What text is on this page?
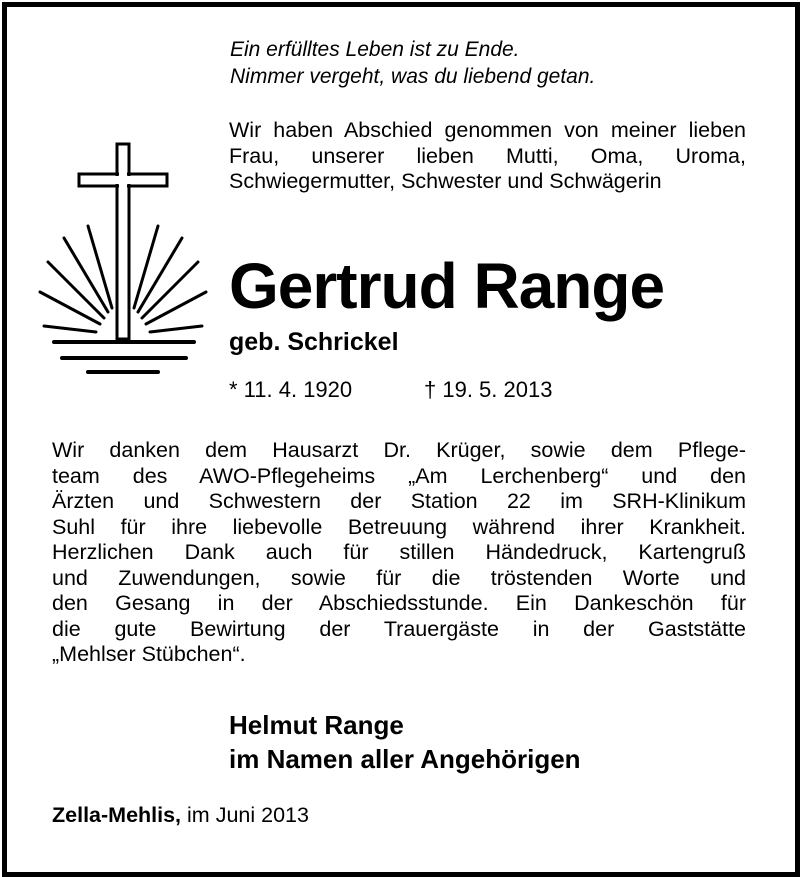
Ein erfülltes Leben ist zu Ende.
Nimmer vergeht, was du liebend getan.
Wir haben Abschied genommen von meiner lieben Frau, unserer lieben Mutti, Oma, Uroma, Schwiegermutter, Schwester und Schwägerin
Gertrud Range
geb. Schrickel
* 11. 4. 1920	† 19. 5. 2013
Wir danken dem Hausarzt Dr. Krüger, sowie dem Pflege-
team des AWO-Pflegeheims „Am Lerchenberg“ und den
Ärzten und Schwestern der Station 22 im SRH-Klinikum
Suhl für ihre liebevolle Betreuung während ihrer Krankheit.
Herzlichen Dank auch für stillen Händedruck, Kartengruß
und Zuwendungen, sowie für die tröstenden Worte und
den Gesang in der Abschiedsstunde. Ein Dankeschön für
die gute Bewirtung der Trauergäste in der Gaststätte
„Mehlser Stübchen“.
Helmut Range
im Namen aller Angehörigen
Zella-Mehlis, im Juni 2013
